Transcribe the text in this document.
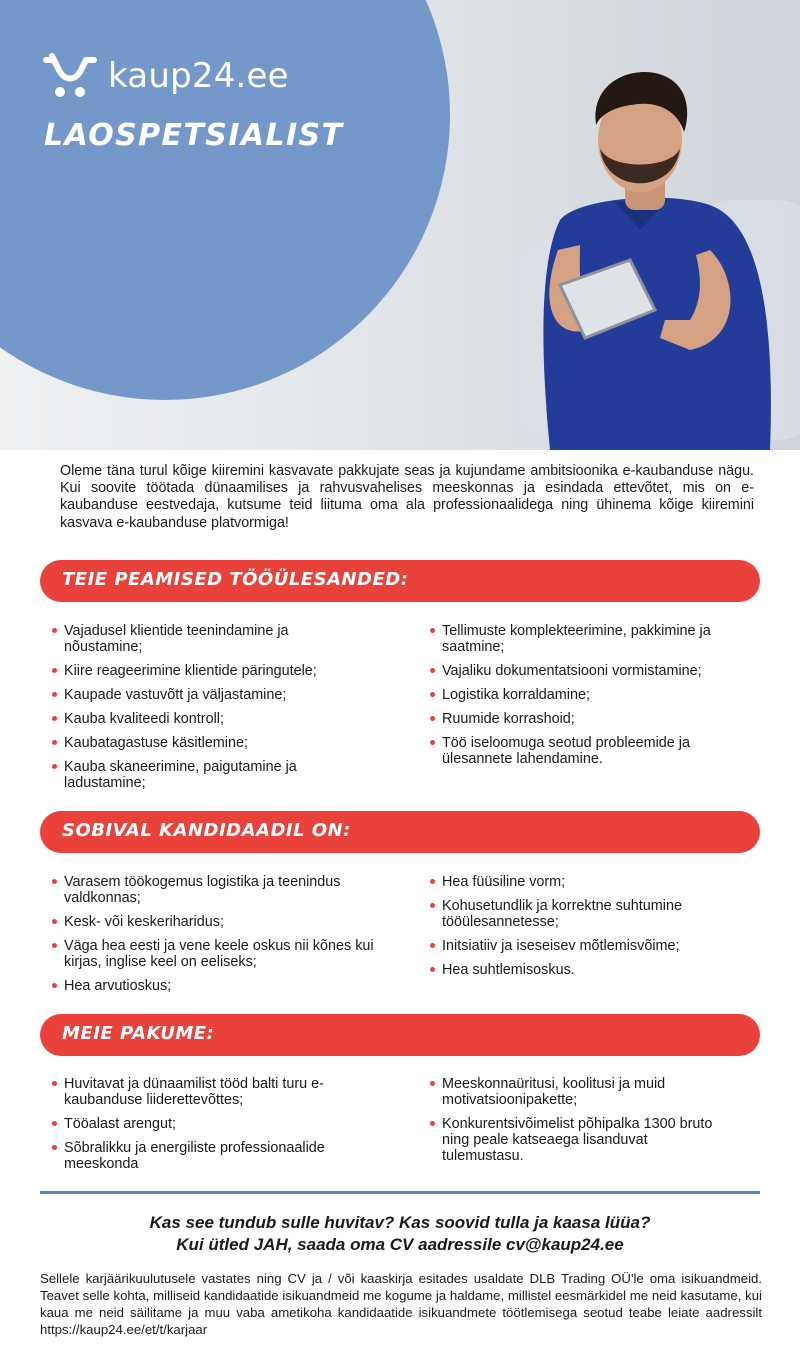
kaup24.ee
LAOSPETSIALIST

Oleme täna turul kõige kiiremini kasvavate pakkujate seas ja kujundame ambitsioonika e-kaubanduse nägu. Kui soovite töötada dünaamilises ja rahvusvahelises meeskonnas ja esindada ettevõtet, mis on e-kaubanduse eestvedaja, kutsume teid liituma oma ala professionaalidega ning ühinema kõige kiiremini kasvava e-kaubanduse platvormiga!

TEIE PEAMISED TÖÖÜLESANDED:
Vajadusel klientide teenindamine ja nõustamine;
Kiire reageerimine klientide päringutele;
Kaupade vastuvõtt ja väljastamine;
Kauba kvaliteedi kontroll;
Kaubatagastuse käsitlemine;
Kauba skaneerimine, paigutamine ja ladustamine;
Tellimuste komplekteerimine, pakkimine ja saatmine;
Vajaliku dokumentatsiooni vormistamine;
Logistika korraldamine;
Ruumide korrashoid;
Töö iseloomuga seotud probleemide ja ülesannete lahendamine.
SOBIVAL KANDIDAADIL ON:
Varasem töökogemus logistika ja teenindus valdkonnas;
Kesk- või keskeriharidus;
Väga hea eesti ja vene keele oskus nii kõnes kui kirjas, inglise keel on eeliseks;
Hea arvutioskus;
Hea füüsiline vorm;
Kohusetundlik ja korrektne suhtumine tööülesannetesse;
Initsiatiiv ja iseseisev mõtlemisvõime;
Hea suhtlemisoskus.
MEIE PAKUME:
Huvitavat ja dünaamilist tööd balti turu e-kaubanduse liiderettevõttes;
Tööalast arengut;
Sõbralikku ja energiliste professionaalide meeskonda
Meeskonnaüritusi, koolitusi ja muid motivatsioonipakette;
Konkurentsivõimelist põhipalka 1300 bruto ning peale katseaega lisanduvat tulemustasu.
Kas see tundub sulle huvitav? Kas soovid tulla ja kaasa lüüa?
Kui ütled JAH, saada oma CV aadressile cv@kaup24.ee

Sellele karjäärikuulutusele vastates ning CV ja / või kaaskirja esitades usaldate DLB Trading OÜ'le oma isikuandmeid. Teavet selle kohta, milliseid kandidaatide isikuandmeid me kogume ja haldame, millistel eesmärkidel me neid kasutame, kui kaua me neid säilitame ja muu vaba ametikoha kandidaatide isikuandmete töötlemisega seotud teabe leiate aadressilt https://kaup24.ee/et/t/karjaar
